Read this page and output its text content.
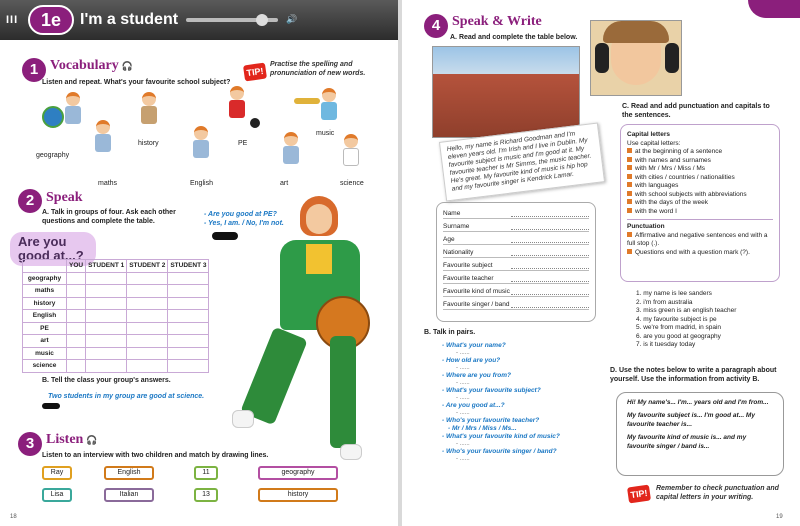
III	1e	I'm a student	🔊
1 Vocabulary 🎧
Listen and repeat. What's your favourite school subject?
TIP!
Practise the spelling and pronunciation of new words.
geography
maths
history
English
PE
art
music
science
2 Speak
A. Talk in groups of four. Ask each other questions and complete the table.
- Are you good at PE?
- Yes, I am. / No, I'm not.
Are you good at...?
	YOU	STUDENT 1	STUDENT 2	STUDENT 3
geography				
maths				
history				
English				
PE				
art				
music				
science				
B. Tell the class your group's answers.
Two students in my group are good at science.
3 Listen 🎧
Listen to an interview with two children and match by drawing lines.
Ray
Lisa
English
Italian
11
13
geography
history
18
4 Speak & Write
A. Read and complete the table below.
Hello, my name is Richard Goodman and I'm eleven years old. I'm Irish and I live in Dublin. My favourite subject is music and I'm good at it. My favourite teacher is Mr Simms, the music teacher. He's great. My favourite kind of music is hip hop and my favourite singer is Kendrick Lamar.
Name
Surname
Age
Nationality
Favourite subject
Favourite teacher
Favourite kind of music
Favourite singer / band
B. Talk in pairs.
- What's your name?
- ......
- How old are you?
- ......
- Where are you from?
- ......
- What's your favourite subject?
- ......
- Are you good at...?
- ......
- Who's your favourite teacher?
- Mr / Mrs / Miss / Ms...
- What's your favourite kind of music?
- ......
- Who's your favourite singer / band?
- ......
C. Read and add punctuation and capitals to the sentences.
Capital letters
Use capital letters:
at the beginning of a sentence
with names and surnames
with Mr / Mrs / Miss / Ms
with cities / countries / nationalities
with languages
with school subjects with abbreviations
with the days of the week
with the word I
Punctuation
Affirmative and negative sentences end with a full stop (.).
Questions end with a question mark (?).
1. my name is lee sanders
2. i'm from australia
3. miss green is an english teacher
4. my favourite subject is pe
5. we're from madrid, in spain
6. are you good at geography
7. is it tuesday today
D. Use the notes below to write a paragraph about yourself. Use the information from activity B.
Hi! My name's... I'm... years old and I'm from...
My favourite subject is... I'm good at... My favourite teacher is...
My favourite kind of music is... and my favourite singer / band is...
TIP!	Remember to check punctuation and capital letters in your writing.
19
